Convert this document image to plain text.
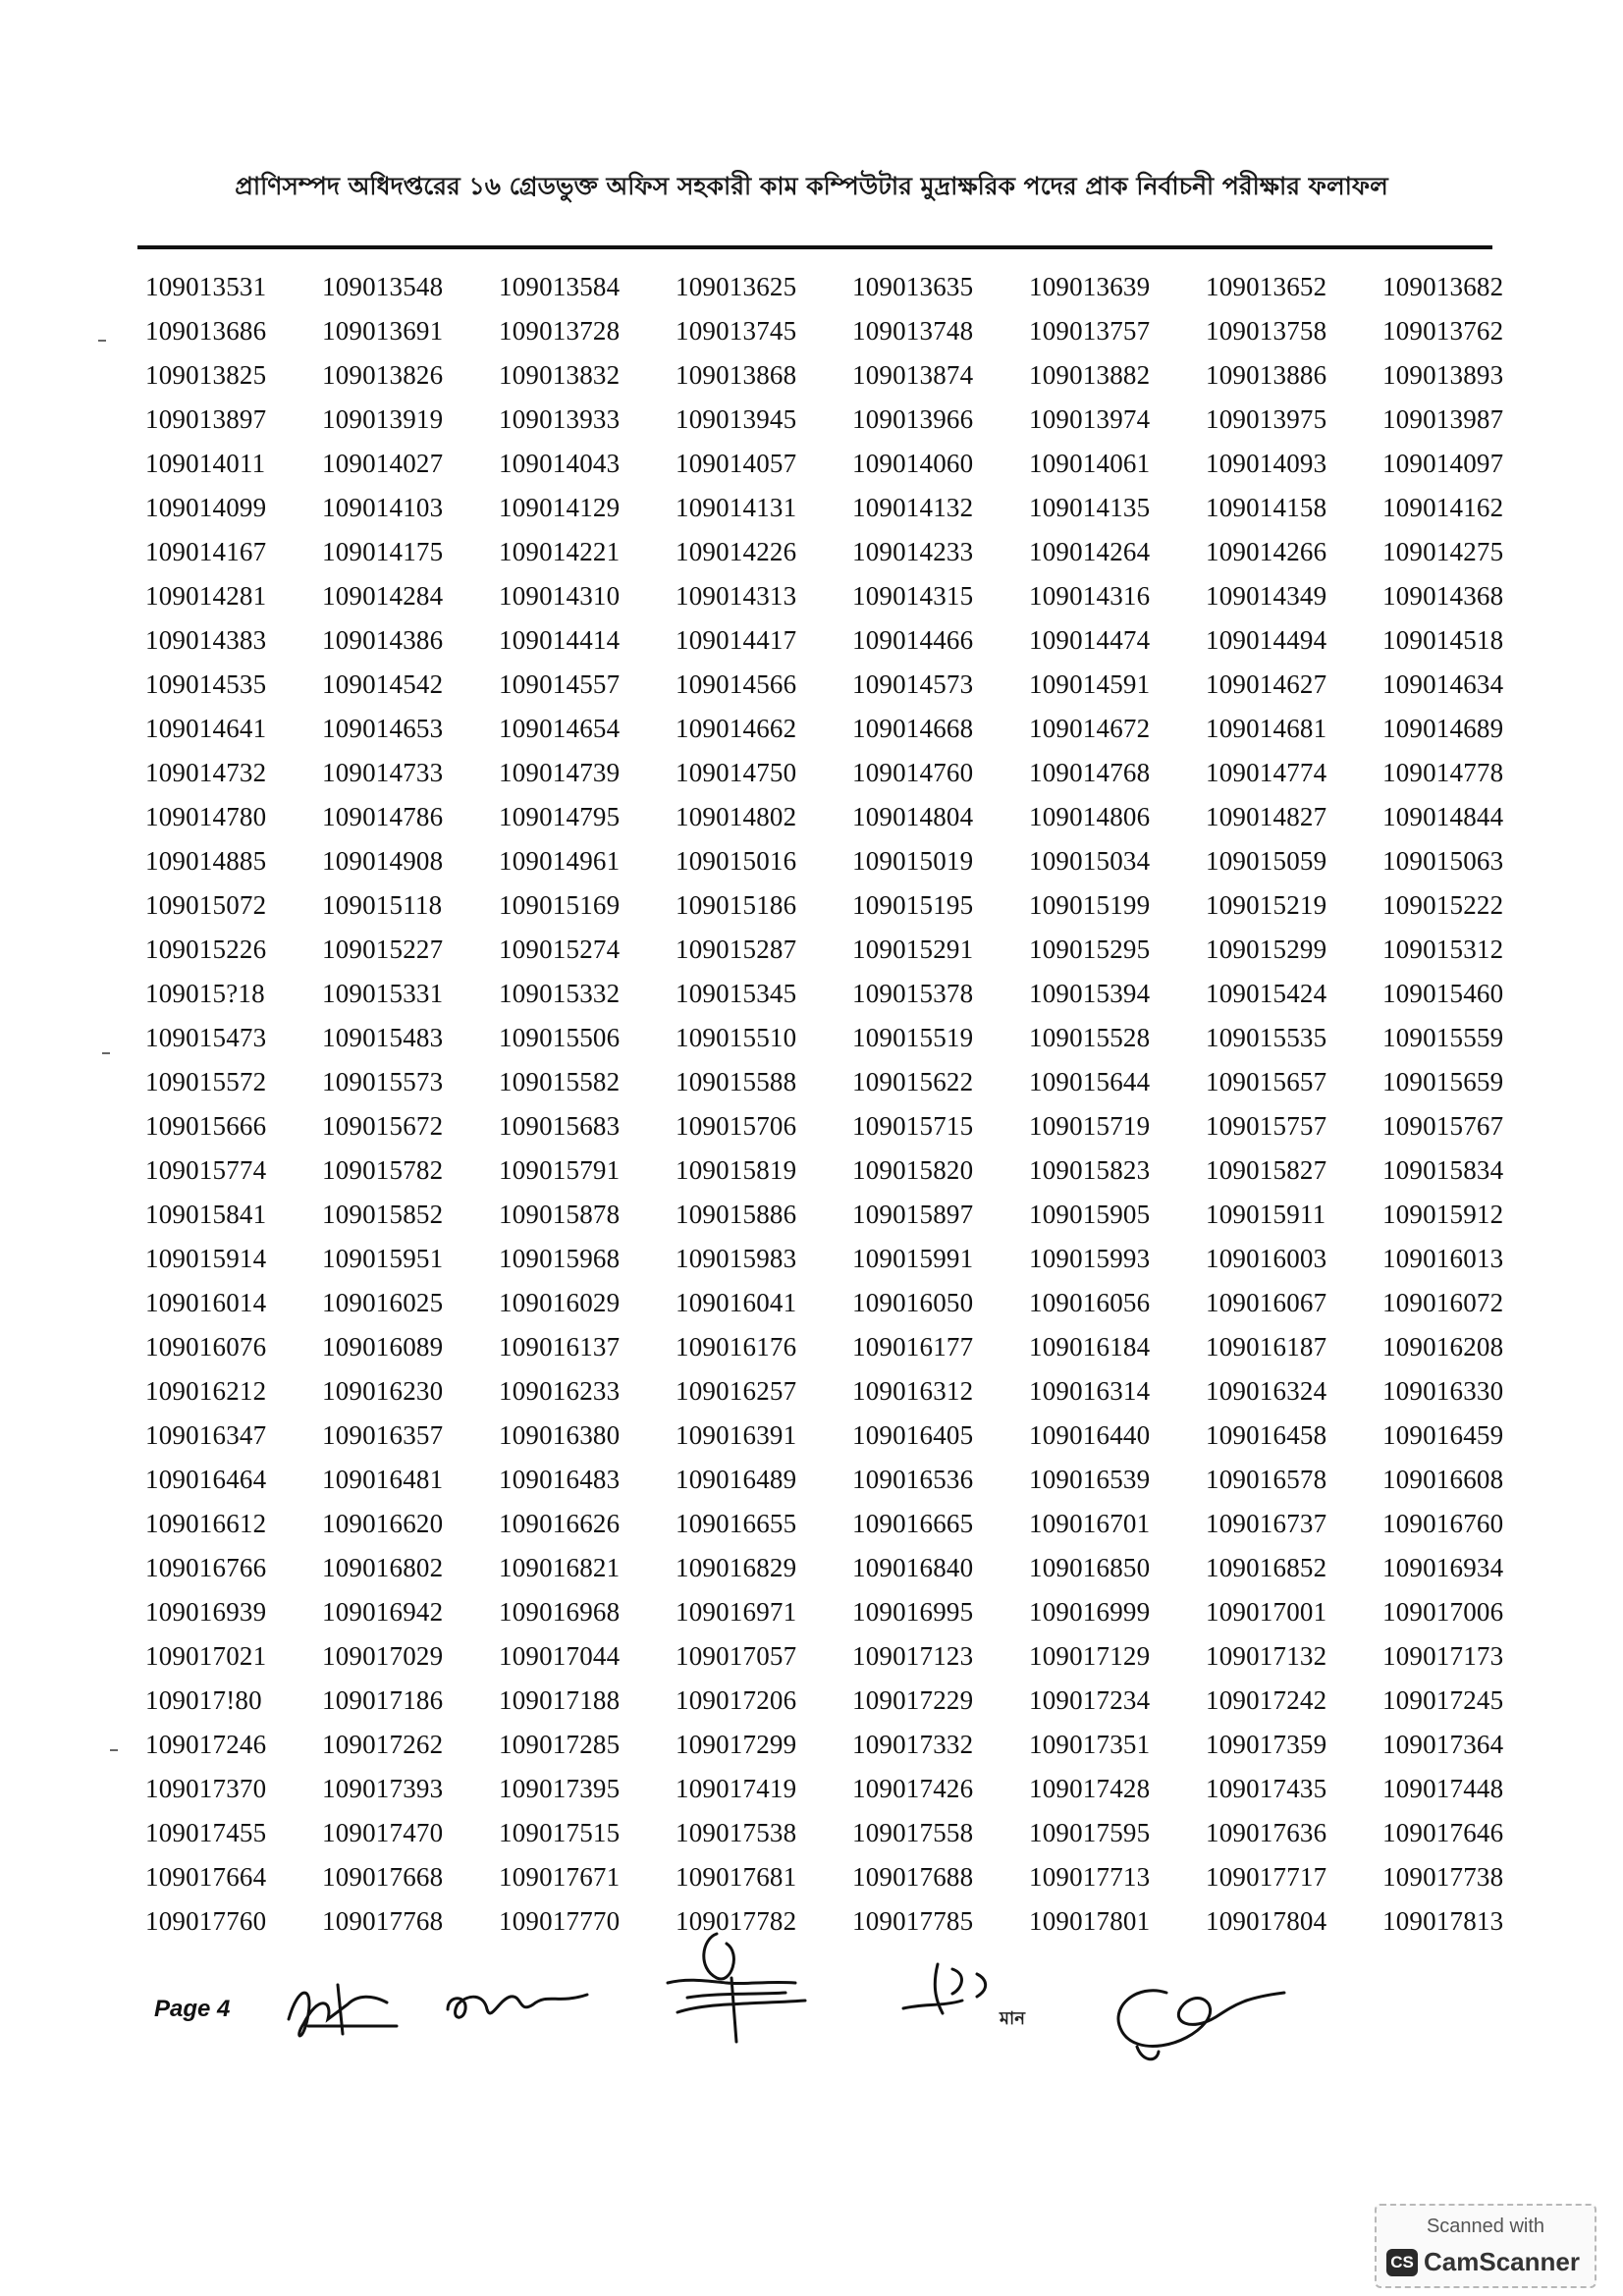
প্রাণিসম্পদ অধিদপ্তরের ১৬ গ্রেডভুক্ত অফিস সহকারী কাম কম্পিউটার মুদ্রাক্ষরিক পদের প্রাক নির্বাচনী পরীক্ষার ফলাফল
109013531	109013548	109013584	109013625	109013635	109013639	109013652	109013682
109013686	109013691	109013728	109013745	109013748	109013757	109013758	109013762
109013825	109013826	109013832	109013868	109013874	109013882	109013886	109013893
109013897	109013919	109013933	109013945	109013966	109013974	109013975	109013987
109014011	109014027	109014043	109014057	109014060	109014061	109014093	109014097
109014099	109014103	109014129	109014131	109014132	109014135	109014158	109014162
109014167	109014175	109014221	109014226	109014233	109014264	109014266	109014275
109014281	109014284	109014310	109014313	109014315	109014316	109014349	109014368
109014383	109014386	109014414	109014417	109014466	109014474	109014494	109014518
109014535	109014542	109014557	109014566	109014573	109014591	109014627	109014634
109014641	109014653	109014654	109014662	109014668	109014672	109014681	109014689
109014732	109014733	109014739	109014750	109014760	109014768	109014774	109014778
109014780	109014786	109014795	109014802	109014804	109014806	109014827	109014844
109014885	109014908	109014961	109015016	109015019	109015034	109015059	109015063
109015072	109015118	109015169	109015186	109015195	109015199	109015219	109015222
109015226	109015227	109015274	109015287	109015291	109015295	109015299	109015312
109015?18	109015331	109015332	109015345	109015378	109015394	109015424	109015460
109015473	109015483	109015506	109015510	109015519	109015528	109015535	109015559
109015572	109015573	109015582	109015588	109015622	109015644	109015657	109015659
109015666	109015672	109015683	109015706	109015715	109015719	109015757	109015767
109015774	109015782	109015791	109015819	109015820	109015823	109015827	109015834
109015841	109015852	109015878	109015886	109015897	109015905	109015911	109015912
109015914	109015951	109015968	109015983	109015991	109015993	109016003	109016013
109016014	109016025	109016029	109016041	109016050	109016056	109016067	109016072
109016076	109016089	109016137	109016176	109016177	109016184	109016187	109016208
109016212	109016230	109016233	109016257	109016312	109016314	109016324	109016330
109016347	109016357	109016380	109016391	109016405	109016440	109016458	109016459
109016464	109016481	109016483	109016489	109016536	109016539	109016578	109016608
109016612	109016620	109016626	109016655	109016665	109016701	109016737	109016760
109016766	109016802	109016821	109016829	109016840	109016850	109016852	109016934
109016939	109016942	109016968	109016971	109016995	109016999	109017001	109017006
109017021	109017029	109017044	109017057	109017123	109017129	109017132	109017173
109017!80	109017186	109017188	109017206	109017229	109017234	109017242	109017245
109017246	109017262	109017285	109017299	109017332	109017351	109017359	109017364
109017370	109017393	109017395	109017419	109017426	109017428	109017435	109017448
109017455	109017470	109017515	109017538	109017558	109017595	109017636	109017646
109017664	109017668	109017671	109017681	109017688	109017713	109017717	109017738
109017760	109017768	109017770	109017782	109017785	109017801	109017804	109017813
Page 4	মান
Scanned with
CS CamScanner
